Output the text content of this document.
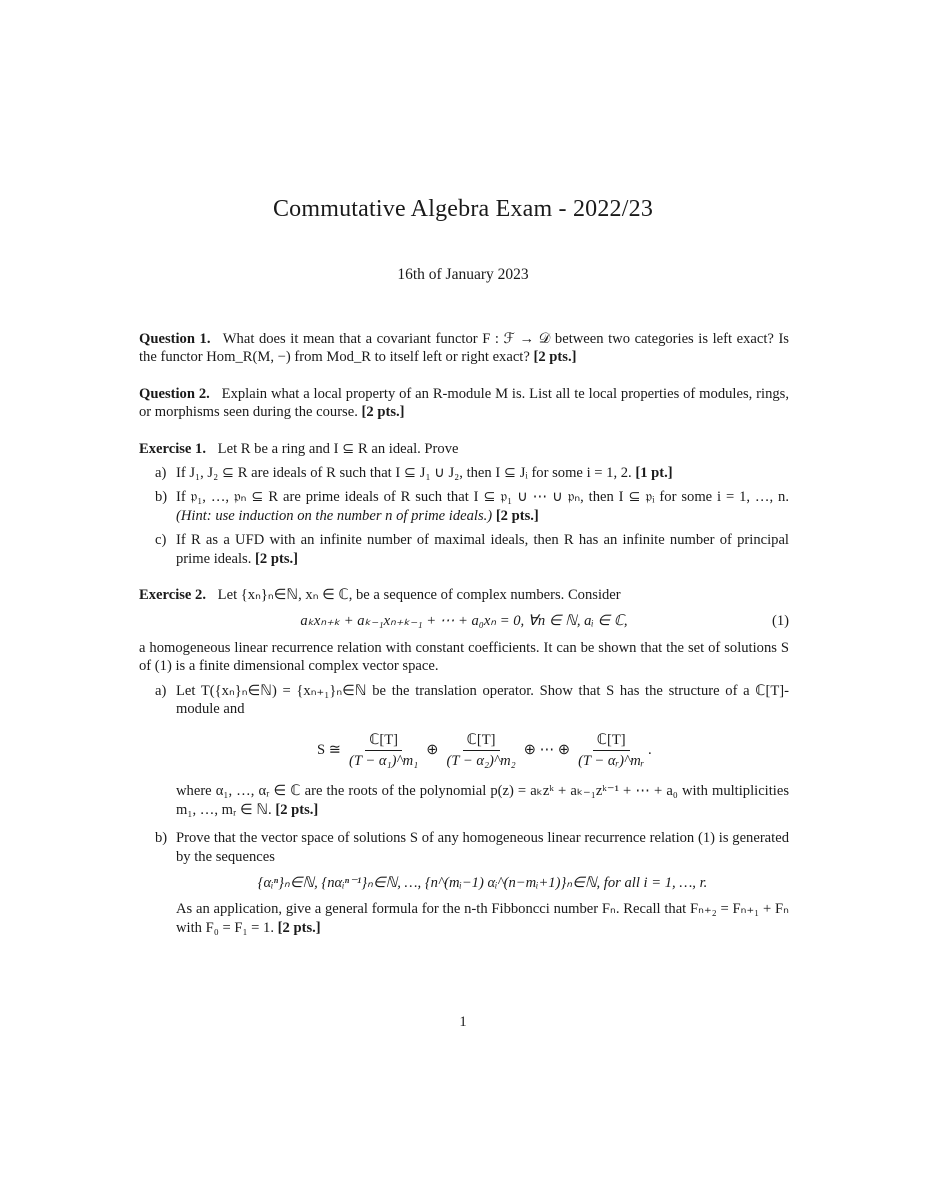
Commutative Algebra Exam - 2022/23
16th of January 2023
Question 1. What does it mean that a covariant functor F : ℱ → 𝒟 between two categories is left exact? Is the functor Hom_R(M, −) from Mod_R to itself left or right exact? [2 pts.]
Question 2. Explain what a local property of an R-module M is. List all te local properties of modules, rings, or morphisms seen during the course. [2 pts.]
Exercise 1. Let R be a ring and I ⊆ R an ideal. Prove
a) If J₁, J₂ ⊆ R are ideals of R such that I ⊆ J₁ ∪ J₂, then I ⊆ Jᵢ for some i = 1, 2. [1 pt.]
b) If 𝔭₁, …, 𝔭ₙ ⊆ R are prime ideals of R such that I ⊆ 𝔭₁ ∪ ⋯ ∪ 𝔭ₙ, then I ⊆ 𝔭ᵢ for some i = 1, …, n. (Hint: use induction on the number n of prime ideals.) [2 pts.]
c) If R as a UFD with an infinite number of maximal ideals, then R has an infinite number of principal prime ideals. [2 pts.]
Exercise 2. Let {xₙ}ₙ∈ℕ, xₙ ∈ ℂ, be a sequence of complex numbers. Consider
aₖxₙ₊ₖ + aₖ₋₁xₙ₊ₖ₋₁ + ⋯ + a₀xₙ = 0, ∀n ∈ ℕ, aᵢ ∈ ℂ,	(1)
a homogeneous linear recurrence relation with constant coefficients. It can be shown that the set of solutions S of (1) is a finite dimensional complex vector space.
a) Let T({xₙ}ₙ∈ℕ) = {xₙ₊₁}ₙ∈ℕ be the translation operator. Show that S has the structure of a ℂ[T]-module and
S ≅ $\frac{\text{ℂ[T]}}{\text{(T − α₁)\textasciicircum{}m₁}}$ ⊕ $\frac{\text{ℂ[T]}}{\text{(T − α₂)\textasciicircum{}m₂}}$ ⊕ ⋯ ⊕ $\frac{\text{ℂ[T]}}{\text{(T − αᵣ)\textasciicircum{}mᵣ}}$ .
where α₁, …, αᵣ ∈ ℂ are the roots of the polynomial p(z) = aₖzᵏ + aₖ₋₁zᵏ⁻¹ + ⋯ + a₀ with multiplicities m₁, …, mᵣ ∈ ℕ. [2 pts.]
b) Prove that the vector space of solutions S of any homogeneous linear recurrence relation (1) is generated by the sequences
{αᵢⁿ}ₙ∈ℕ, {nαᵢⁿ⁻¹}ₙ∈ℕ, …, {n^(mᵢ−1) αᵢ^(n−mᵢ+1)}ₙ∈ℕ, for all i = 1, …, r.
As an application, give a general formula for the n-th Fibboncci number Fₙ. Recall that Fₙ₊₂ = Fₙ₊₁ + Fₙ with F₀ = F₁ = 1. [2 pts.]
1
